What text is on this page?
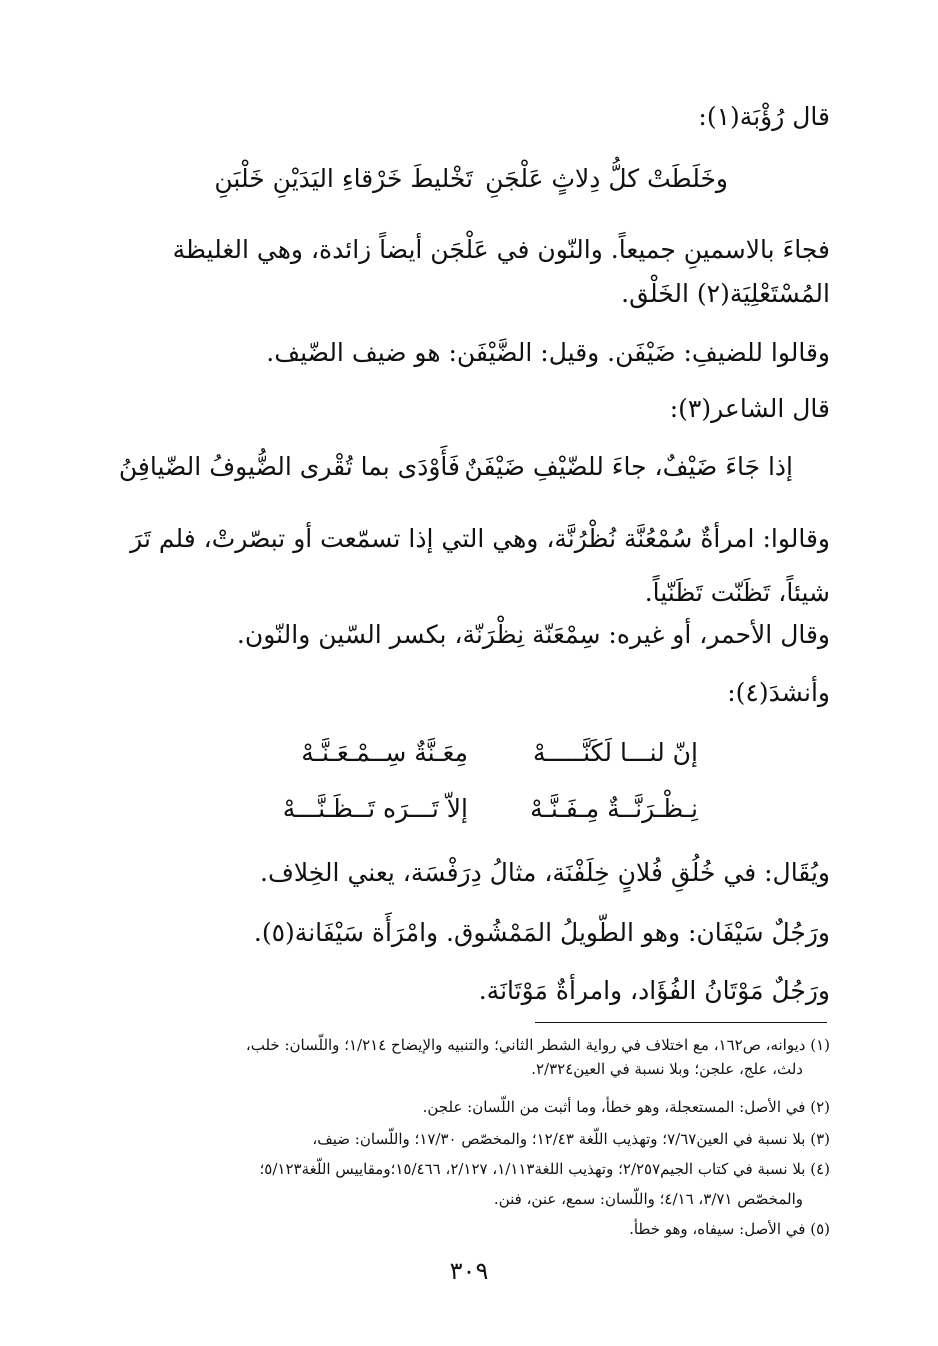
قال رُؤْبَة(١):
وخَلَطَتْ كلُّ دِلاثٍ عَلْجَنِ
تَخْليطَ خَرْقاءِ اليَدَيْنِ خَلْبَنِ
فجاءَ بالاسمينِ جميعاً. والنّون في عَلْجَن أيضاً زائدة، وهي الغليظة المُسْتَعْلِيَة(٢) الخَلْق.
وقالوا للضيفِ: ضَيْفَن. وقيل: الضَّيْفَن: هو ضيف الضّيف.
قال الشاعر(٣):
إذا جَاءَ ضَيْفٌ، جاءَ للضّيْفِ ضَيْفَنٌ
فَأَوْدَى بما تُقْرى الضُّيوفُ الضّيافِنُ
وقالوا: امرأةٌ سُمْعُنَّة نُظْرُنَّة، وهي التي إذا تسمّعت أو تبصّرتْ، فلم تَرَ شيئاً، تَظَنّت تَظَنّياً.
وقال الأحمر، أو غيره: سِمْعَنّة نِظْرَنّة، بكسر السّين والنّون.
وأنشدَ(٤):
إنّ لنـــا لَكَنَّـــــهْ
مِعَـنَّةٌ سِــمْـعَـنَّـهْ
نِـظْـرَنَّــةٌ مِـفَـنَّـهْ
إلاّ تَـــرَه تَــظَـنَّـــهْ
ويُقَال: في خُلُقِ فُلانٍ خِلَفْنَة، مثالُ دِرَفْسَة، يعني الخِلاف.
ورَجُلٌ سَيْفَان: وهو الطّويلُ المَمْشُوق. وامْرَأَة سَيْفَانة(٥).
ورَجُلٌ مَوْتَانُ الفُؤَاد، وامرأةٌ مَوْتَانَة.
(١) ديوانه، ص١٦٢، مع اختلاف في رواية الشطر الثاني؛ والتنبيه والإيضاح ١/٢١٤؛ واللّسان: خلب،
دلث، علج، علجن؛ وبلا نسبة في العين٢/٣٢٤.
(٢) في الأصل: المستعجلة، وهو خطأ، وما أثبت من اللّسان: علجن.
(٣) بلا نسبة في العين٧/٦٧؛ وتهذيب اللّغة ١٢/٤٣؛ والمخصّص ١٧/٣٠؛ واللّسان: ضيف،
(٤) بلا نسبة في كتاب الجيم٢/٢٥٧؛ وتهذيب اللغة١/١١٣، ٢/١٢٧، ١٥/٤٦٦؛ومقاييس اللّغة٥/١٢٣؛
والمخصّص ٣/٧١، ٤/١٦؛ واللّسان: سمع، عنن، فنن.
(٥) في الأصل: سيفاه، وهو خطأ.
٣٠٩
